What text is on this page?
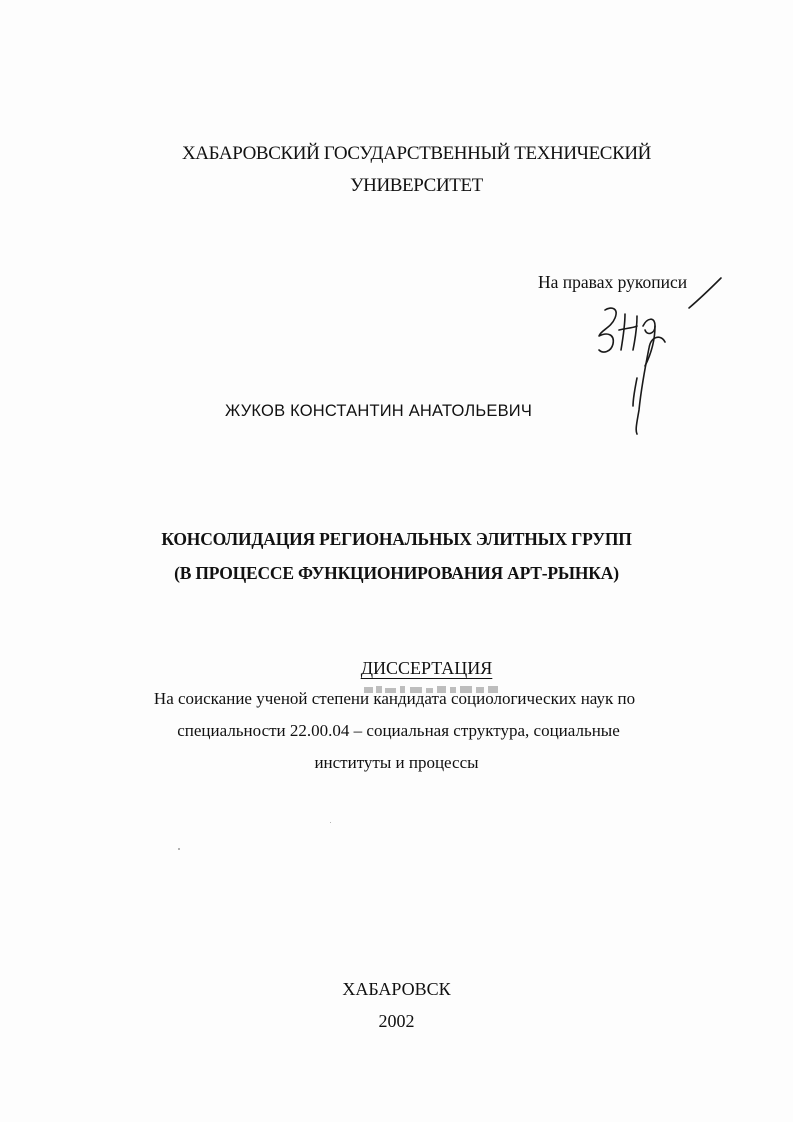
ХАБАРОВСКИЙ ГОСУДАРСТВЕННЫЙ ТЕХНИЧЕСКИЙ
УНИВЕРСИТЕТ
На правах рукописи
ЖУКОВ КОНСТАНТИН АНАТОЛЬЕВИЧ
КОНСОЛИДАЦИЯ РЕГИОНАЛЬНЫХ ЭЛИТНЫХ ГРУПП
(В ПРОЦЕССЕ ФУНКЦИОНИРОВАНИЯ АРТ-РЫНКА)
ДИССЕРТАЦИЯ
На соискание ученой степени кандидата социологических наук по
специальности 22.00.04 – социальная структура, социальные
институты и процессы
ХАБАРОВСК
2002
